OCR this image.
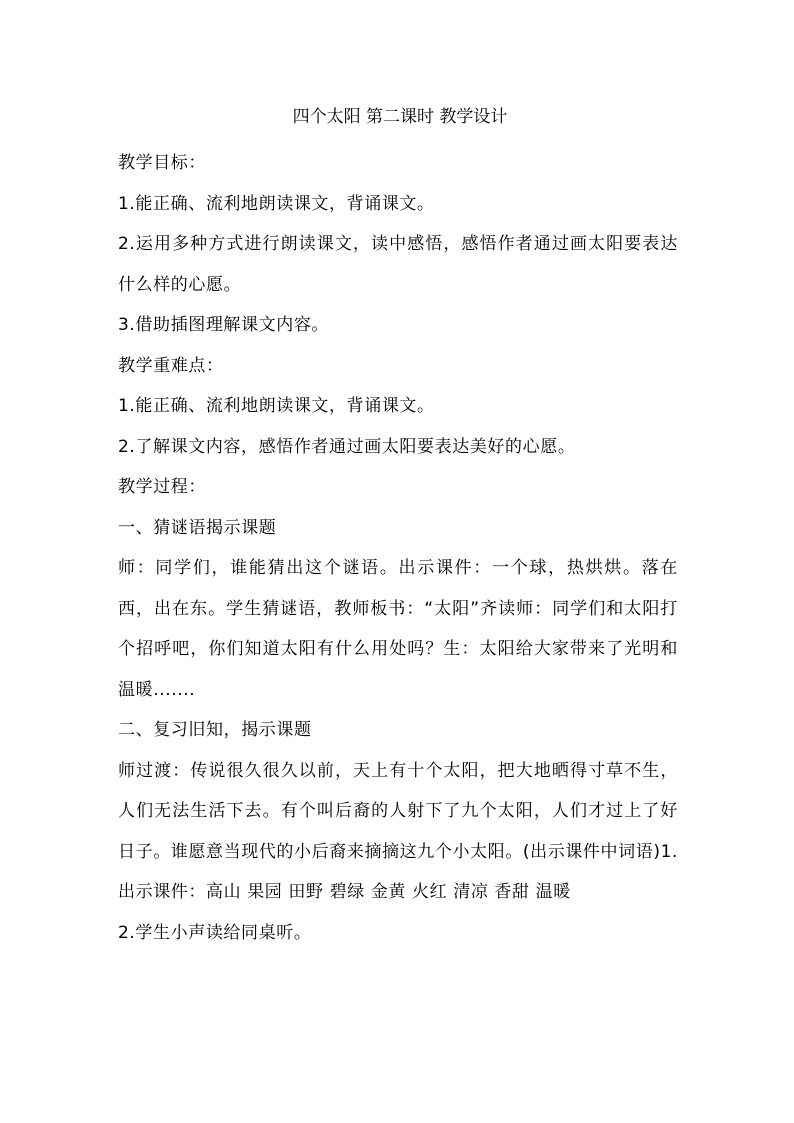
四个太阳 第二课时 教学设计

教学目标：

1.能正确、流利地朗读课文，背诵课文。

2.运用多种方式进行朗读课文，读中感悟，感悟作者通过画太阳要表达什么样的心愿。

3.借助插图理解课文内容。

教学重难点：

1.能正确、流利地朗读课文，背诵课文。

2.了解课文内容，感悟作者通过画太阳要表达美好的心愿。

教学过程：

一、猜谜语揭示课题

师：同学们，谁能猜出这个谜语。出示课件：一个球，热烘烘。落在西，出在东。学生猜谜语，教师板书：“太阳”齐读师：同学们和太阳打个招呼吧，你们知道太阳有什么用处吗？生：太阳给大家带来了光明和温暖.......

二、复习旧知，揭示课题

师过渡：传说很久很久以前，天上有十个太阳，把大地晒得寸草不生，人们无法生活下去。有个叫后裔的人射下了九个太阳，人们才过上了好日子。谁愿意当现代的小后裔来摘摘这九个小太阳。(出示课件中词语)1.出示课件：高山 果园 田野 碧绿 金黄 火红 清凉 香甜 温暖

2.学生小声读给同桌听。
